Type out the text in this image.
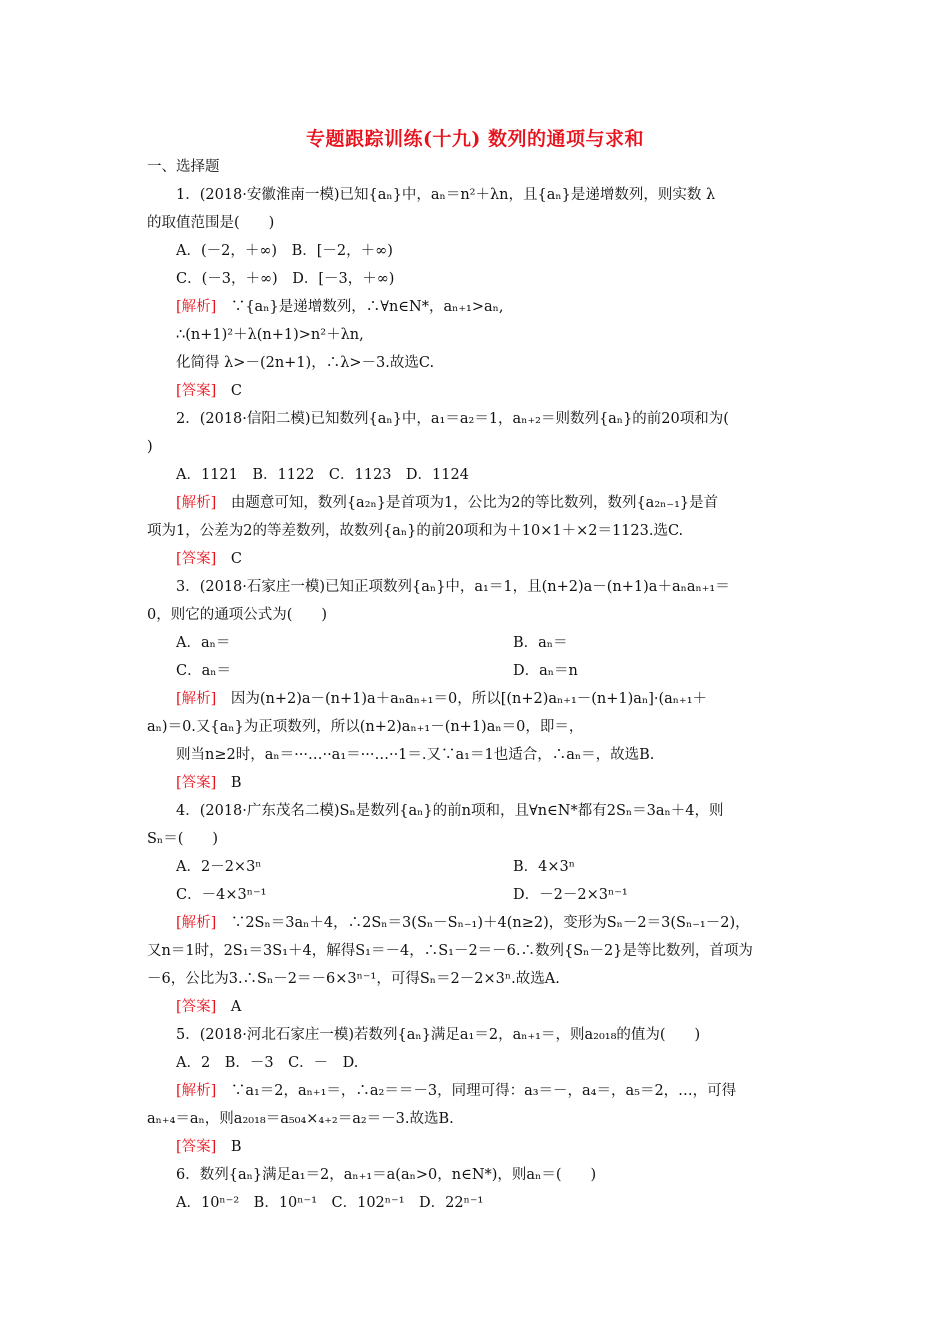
专题跟踪训练(十九) 数列的通项与求和
一、选择题
1．(2018·安徽淮南一模)已知{aₙ}中，aₙ＝n²＋λn，且{aₙ}是递增数列，则实数 λ
的取值范围是(　　)
A．(－2，＋∞)　B．[－2，＋∞)
C．(－3，＋∞)　D．[－3，＋∞)
[解析]　 ∵{aₙ}是递增数列，∴∀n∈N*，aₙ₊₁>aₙ,
∴(n+1)²＋λ(n+1)>n²＋λn,
化简得 λ>－(2n+1)，∴λ>－3.故选C.
[答案]　 C
2．(2018·信阳二模)已知数列{aₙ}中，a₁＝a₂＝1，aₙ₊₂＝则数列{aₙ}的前20项和为(
)
A．1121　B．1122　C．1123　D．1124
[解析]　 由题意可知，数列{a₂ₙ}是首项为1，公比为2的等比数列，数列{a₂ₙ₋₁}是首
项为1，公差为2的等差数列，故数列{aₙ}的前20项和为＋10×1＋×2＝1123.选C.
[答案]　 C
3．(2018·石家庄一模)已知正项数列{aₙ}中，a₁＝1，且(n+2)a－(n+1)a＋aₙaₙ₊₁＝
0，则它的通项公式为(　　)
A．aₙ＝	B．aₙ＝
C．aₙ＝	D．aₙ＝n
[解析]　 因为(n+2)a－(n+1)a＋aₙaₙ₊₁＝0，所以[(n+2)aₙ₊₁－(n+1)aₙ]·(aₙ₊₁＋
aₙ)＝0.又{aₙ}为正项数列，所以(n+2)aₙ₊₁－(n+1)aₙ＝0，即＝，
则当n≥2时，aₙ＝···…··a₁＝···…··1＝.又∵a₁＝1也适合，∴aₙ＝，故选B.
[答案]　 B
4．(2018·广东茂名二模)Sₙ是数列{aₙ}的前n项和，且∀n∈N*都有2Sₙ＝3aₙ＋4，则
Sₙ＝(　　)
A．2－2×3ⁿ	B．4×3ⁿ
C．－4×3ⁿ⁻¹	D．－2－2×3ⁿ⁻¹
[解析]　 ∵2Sₙ＝3aₙ＋4，∴2Sₙ＝3(Sₙ－Sₙ₋₁)＋4(n≥2)，变形为Sₙ－2＝3(Sₙ₋₁－2)，
又n＝1时，2S₁＝3S₁＋4，解得S₁＝－4，∴S₁－2＝－6.∴数列{Sₙ－2}是等比数列，首项为
－6，公比为3.∴Sₙ－2＝－6×3ⁿ⁻¹，可得Sₙ＝2－2×3ⁿ.故选A.
[答案]　 A
5．(2018·河北石家庄一模)若数列{aₙ}满足a₁＝2，aₙ₊₁＝，则a₂₀₁₈的值为(　　)
A．2　B．－3　C．－　D.
[解析]　 ∵a₁＝2，aₙ₊₁＝，∴a₂＝＝－3，同理可得：a₃＝－，a₄＝，a₅＝2，…，可得
aₙ₊₄＝aₙ，则a₂₀₁₈＝a₅₀₄×₄₊₂＝a₂＝－3.故选B.
[答案]　 B
6．数列{aₙ}满足a₁＝2，aₙ₊₁＝a(aₙ>0，n∈N*)，则aₙ＝(　　)
A．10ⁿ⁻²　B．10ⁿ⁻¹　C．102ⁿ⁻¹　D．22ⁿ⁻¹
